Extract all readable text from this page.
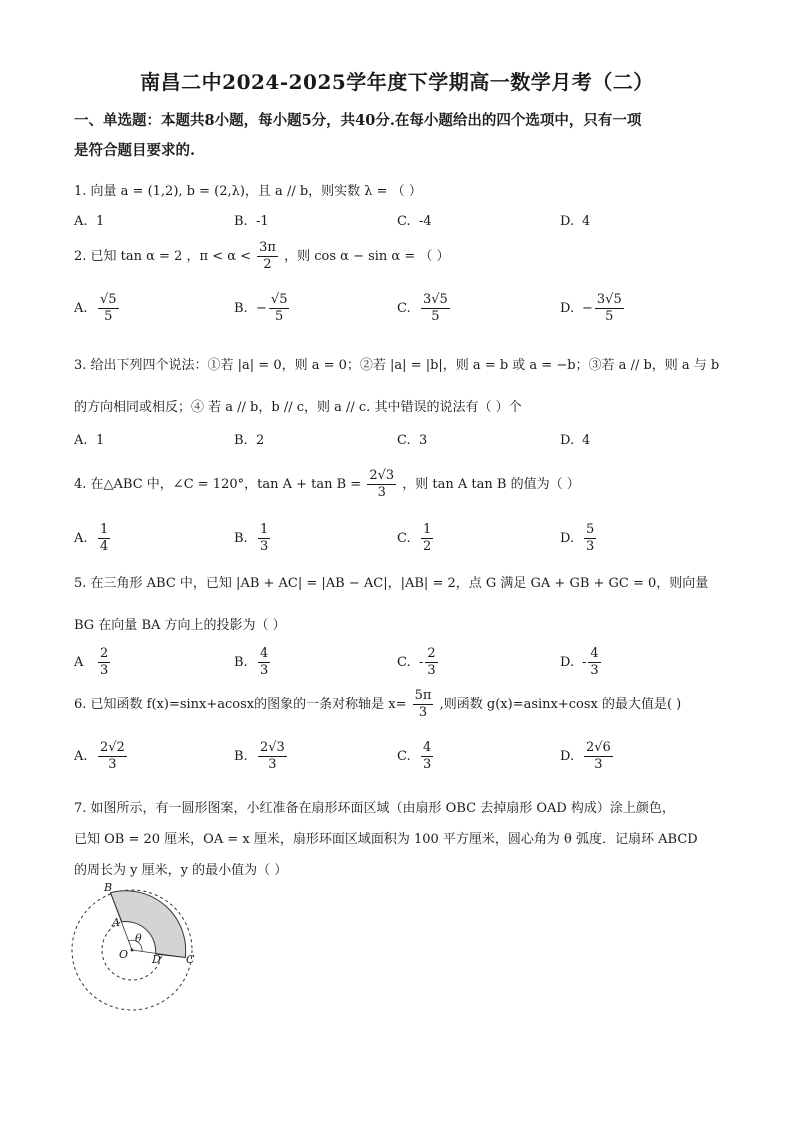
南昌二中2024-2025学年度下学期高一数学月考（二）
一、单选题：本题共8小题，每小题5分，共40分.在每小题给出的四个选项中，只有一项
是符合题目要求的.
1. 向量 a = (1,2), b = (2,λ)，且 a // b，则实数 λ = （ ）
A. 1	B. -1	C. -4	D. 4
2. 已知 tan α = 2 ，$\pi < \alpha < \frac{3\pi}{2}$ ，则 cos α − sin α = （ ）
A. $\frac{√5}{5}$	B. − $\frac{√5}{5}$	C. $\frac{3√5}{5}$	D. − $\frac{3√5}{5}$
3. 给出下列四个说法：①若 |a| = 0，则 a = 0；②若 |a| = |b|，则 a = b 或 a = −b；③若 a // b，则 a 与 b
的方向相同或相反；④ 若 a // b，b // c，则 a // c. 其中错误的说法有（ ）个
A. 1	B. 2	C. 3	D. 4
4. 在△ABC 中，∠C = 120°，$\tan A + \tan B = \frac{2√3}{3}$ ，则 tan A tan B 的值为（ ）
A. $\frac{1}{4}$	B. $\frac{1}{3}$	C. $\frac{1}{2}$	D. $\frac{5}{3}$
5. 在三角形 ABC 中，已知 |AB + AC| = |AB − AC|，|AB| = 2，点 G 满足 GA + GB + GC = 0，则向量
BG 在向量 BA 方向上的投影为（ ）
A $\frac{2}{3}$	B. $\frac{4}{3}$	C. - $\frac{2}{3}$	D. - $\frac{4}{3}$
6. 已知函数 f(x)=sinx+acosx的图象的一条对称轴是 $x= \frac{5\pi}{3}$ ,则函数 g(x)=asinx+cosx 的最大值是( )
A. $\frac{2√2}{3}$	B. $\frac{2√3}{3}$	C. $\frac{4}{3}$	D. $\frac{2√6}{3}$
7. 如图所示，有一圆形图案，小红准备在扇形环面区域（由扇形 OBC 去掉扇形 OAD 构成）涂上颜色，
已知 OB = 20 厘米，OA = x 厘米，扇形环面区域面积为 100 平方厘米，圆心角为 θ 弧度．记扇环 ABCD
的周长为 y 厘米，y 的最小值为（ ）
B
A
θ
O D C
